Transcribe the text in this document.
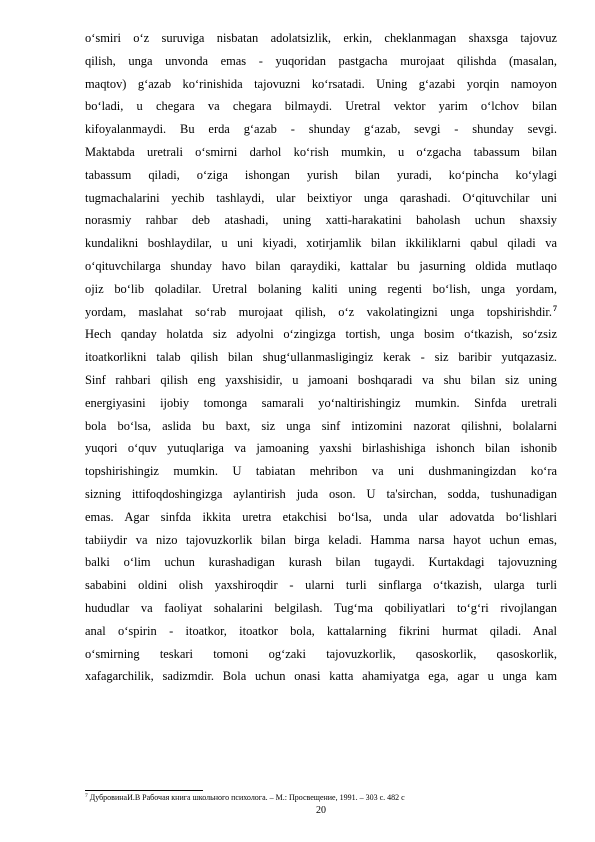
o‘smiri o‘z suruviga nisbatan adolatsizlik, erkin, cheklanmagan shaxsga tajovuz
qilish, unga unvonda emas - yuqoridan pastgacha murojaat qilishda (masalan,
maqtov) g‘azab ko‘rinishida tajovuzni ko‘rsatadi. Uning g‘azabi yorqin namoyon
bo‘ladi, u chegara va chegara bilmaydi. Uretral vektor yarim o‘lchov bilan
kifoyalanmaydi. Bu erda g‘azab - shunday g‘azab, sevgi - shunday sevgi.
Maktabda uretrali o‘smirni darhol ko‘rish mumkin, u o‘zgacha tabassum bilan
tabassum qiladi, o‘ziga ishongan yurish bilan yuradi, ko‘pincha ko‘ylagi
tugmachalarini yechib tashlaydi, ular beixtiyor unga qarashadi. O‘qituvchilar uni
norasmiy rahbar deb atashadi, uning xatti-harakatini baholash uchun shaxsiy
kundalikni boshlaydilar, u uni kiyadi, xotirjamlik bilan ikkiliklarni qabul qiladi va
o‘qituvchilarga shunday havo bilan qaraydiki, kattalar bu jasurning oldida mutlaqo
ojiz bo‘lib qoladilar. Uretral bolaning kaliti uning regenti bo‘lish, unga yordam,
yordam, maslahat so‘rab murojaat qilish, o‘z vakolatingizni unga topshirishdir.$^7$
Hech qanday holatda siz adyolni o‘zingizga tortish, unga bosim o‘tkazish, so‘zsiz
itoatkorlikni talab qilish bilan shug‘ullanmasligingiz kerak - siz baribir yutqazasiz.
Sinf rahbari qilish eng yaxshisidir, u jamoani boshqaradi va shu bilan siz uning
energiyasini ijobiy tomonga samarali yo‘naltirishingiz mumkin. Sinfda uretrali
bola bo‘lsa, aslida bu baxt, siz unga sinf intizomini nazorat qilishni, bolalarni
yuqori o‘quv yutuqlariga va jamoaning yaxshi birlashishiga ishonch bilan ishonib
topshirishingiz mumkin. U tabiatan mehribon va uni dushmaningizdan ko‘ra
sizning ittifoqdoshingizga aylantirish juda oson. U ta'sirchan, sodda, tushunadigan
emas. Agar sinfda ikkita uretra etakchisi bo‘lsa, unda ular adovatda bo‘lishlari
tabiiydir va nizo tajovuzkorlik bilan birga keladi. Hamma narsa hayot uchun emas,
balki o‘lim uchun kurashadigan kurash bilan tugaydi. Kurtakdagi tajovuzning
sababini oldini olish yaxshiroqdir - ularni turli sinflarga o‘tkazish, ularga turli
hududlar va faoliyat sohalarini belgilash. Tug‘ma qobiliyatlari to‘g‘ri rivojlangan
anal o‘spirin - itoatkor, itoatkor bola, kattalarning fikrini hurmat qiladi. Anal
o‘smirning teskari tomoni og‘zaki tajovuzkorlik, qasoskorlik, qasoskorlik,
xafagarchilik, sadizmdir. Bola uchun onasi katta ahamiyatga ega, agar u unga kam
$^7$ ДубровинаИ.В Рабочая книга школьного психолога. – М.: Просвещение, 1991. – 303 с. 482 с
20
